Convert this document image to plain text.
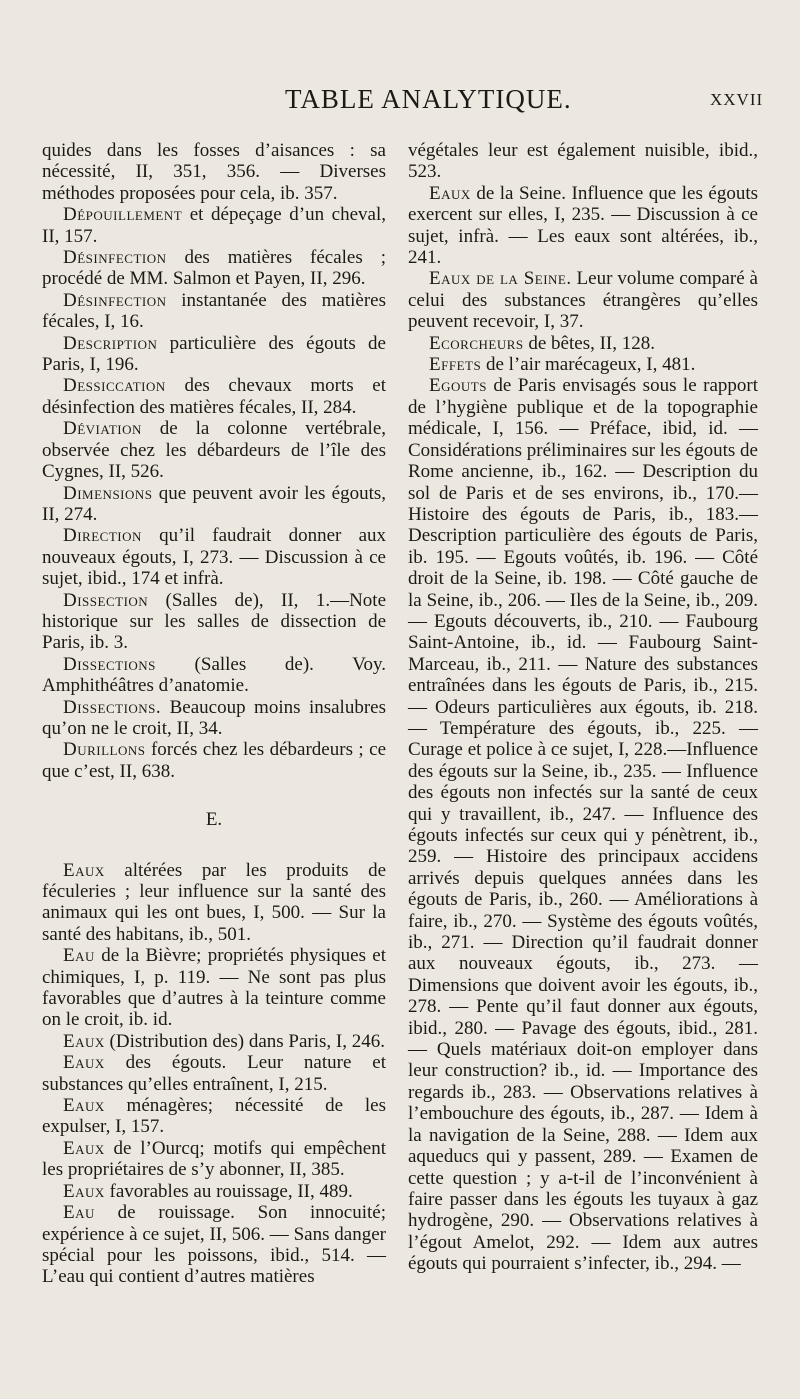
TABLE ANALYTIQUE.	XXVII

quides dans les fosses d’aisances : sa nécessité, II, 351, 356. — Diverses méthodes proposées pour cela, ib. 357.

Dépouillement et dépeçage d’un cheval, II, 157.

Désinfection des matières fécales ; procédé de MM. Salmon et Payen, II, 296.

Désinfection instantanée des matières fécales, I, 16.

Description particulière des égouts de Paris, I, 196.

Dessiccation des chevaux morts et désinfection des matières fécales, II, 284.

Déviation de la colonne vertébrale, observée chez les débardeurs de l’île des Cygnes, II, 526.

Dimensions que peuvent avoir les égouts, II, 274.

Direction qu’il faudrait donner aux nouveaux égouts, I, 273. — Discussion à ce sujet, ibid., 174 et infrà.

Dissection (Salles de), II, 1.—Note historique sur les salles de dissection de Paris, ib. 3.

Dissections (Salles de). Voy. Amphithéâtres d’anatomie.

Dissections. Beaucoup moins insalubres qu’on ne le croit, II, 34.

Durillons forcés chez les débardeurs ; ce que c’est, II, 638.

E.

Eaux altérées par les produits de féculeries ; leur influence sur la santé des animaux qui les ont bues, I, 500. — Sur la santé des habitans, ib., 501.

Eau de la Bièvre; propriétés physiques et chimiques, I, p. 119. — Ne sont pas plus favorables que d’autres à la teinture comme on le croit, ib. id.

Eaux (Distribution des) dans Paris, I, 246.

Eaux des égouts. Leur nature et substances qu’elles entraînent, I, 215.

Eaux ménagères; nécessité de les expulser, I, 157.

Eaux de l’Ourcq; motifs qui empêchent les propriétaires de s’y abonner, II, 385.

Eaux favorables au rouissage, II, 489.

Eau de rouissage. Son innocuité; expérience à ce sujet, II, 506. — Sans danger spécial pour les poissons, ibid., 514. — L’eau qui contient d’autres matières

végétales leur est également nuisible, ibid., 523.

Eaux de la Seine. Influence que les égouts exercent sur elles, I, 235. — Discussion à ce sujet, infrà. — Les eaux sont altérées, ib., 241.

Eaux de la Seine. Leur volume comparé à celui des substances étrangères qu’elles peuvent recevoir, I, 37.

Ecorcheurs de bêtes, II, 128.

Effets de l’air marécageux, I, 481.

Egouts de Paris envisagés sous le rapport de l’hygiène publique et de la topographie médicale, I, 156. — Préface, ibid, id. — Considérations préliminaires sur les égouts de Rome ancienne, ib., 162. — Description du sol de Paris et de ses environs, ib., 170.— Histoire des égouts de Paris, ib., 183.— Description particulière des égouts de Paris, ib. 195. — Egouts voûtés, ib. 196. — Côté droit de la Seine, ib. 198. — Côté gauche de la Seine, ib., 206. — Iles de la Seine, ib., 209. — Egouts découverts, ib., 210. — Faubourg Saint-Antoine, ib., id. — Faubourg Saint-Marceau, ib., 211. — Nature des substances entraînées dans les égouts de Paris, ib., 215. — Odeurs particulières aux égouts, ib. 218. — Température des égouts, ib., 225. — Curage et police à ce sujet, I, 228.—Influence des égouts sur la Seine, ib., 235. — Influence des égouts non infectés sur la santé de ceux qui y travaillent, ib., 247. — Influence des égouts infectés sur ceux qui y pénètrent, ib., 259. — Histoire des principaux accidens arrivés depuis quelques années dans les égouts de Paris, ib., 260. — Améliorations à faire, ib., 270. — Système des égouts voûtés, ib., 271. — Direction qu’il faudrait donner aux nouveaux égouts, ib., 273. — Dimensions que doivent avoir les égouts, ib., 278. — Pente qu’il faut donner aux égouts, ibid., 280. — Pavage des égouts, ibid., 281. — Quels matériaux doit-on employer dans leur construction? ib., id. — Importance des regards ib., 283. — Observations relatives à l’embouchure des égouts, ib., 287. — Idem à la navigation de la Seine, 288. — Idem aux aqueducs qui y passent, 289. — Examen de cette question ; y a-t-il de l’inconvénient à faire passer dans les égouts les tuyaux à gaz hydrogène, 290. — Observations relatives à l’égout Amelot, 292. — Idem aux autres égouts qui pourraient s’infecter, ib., 294. —
